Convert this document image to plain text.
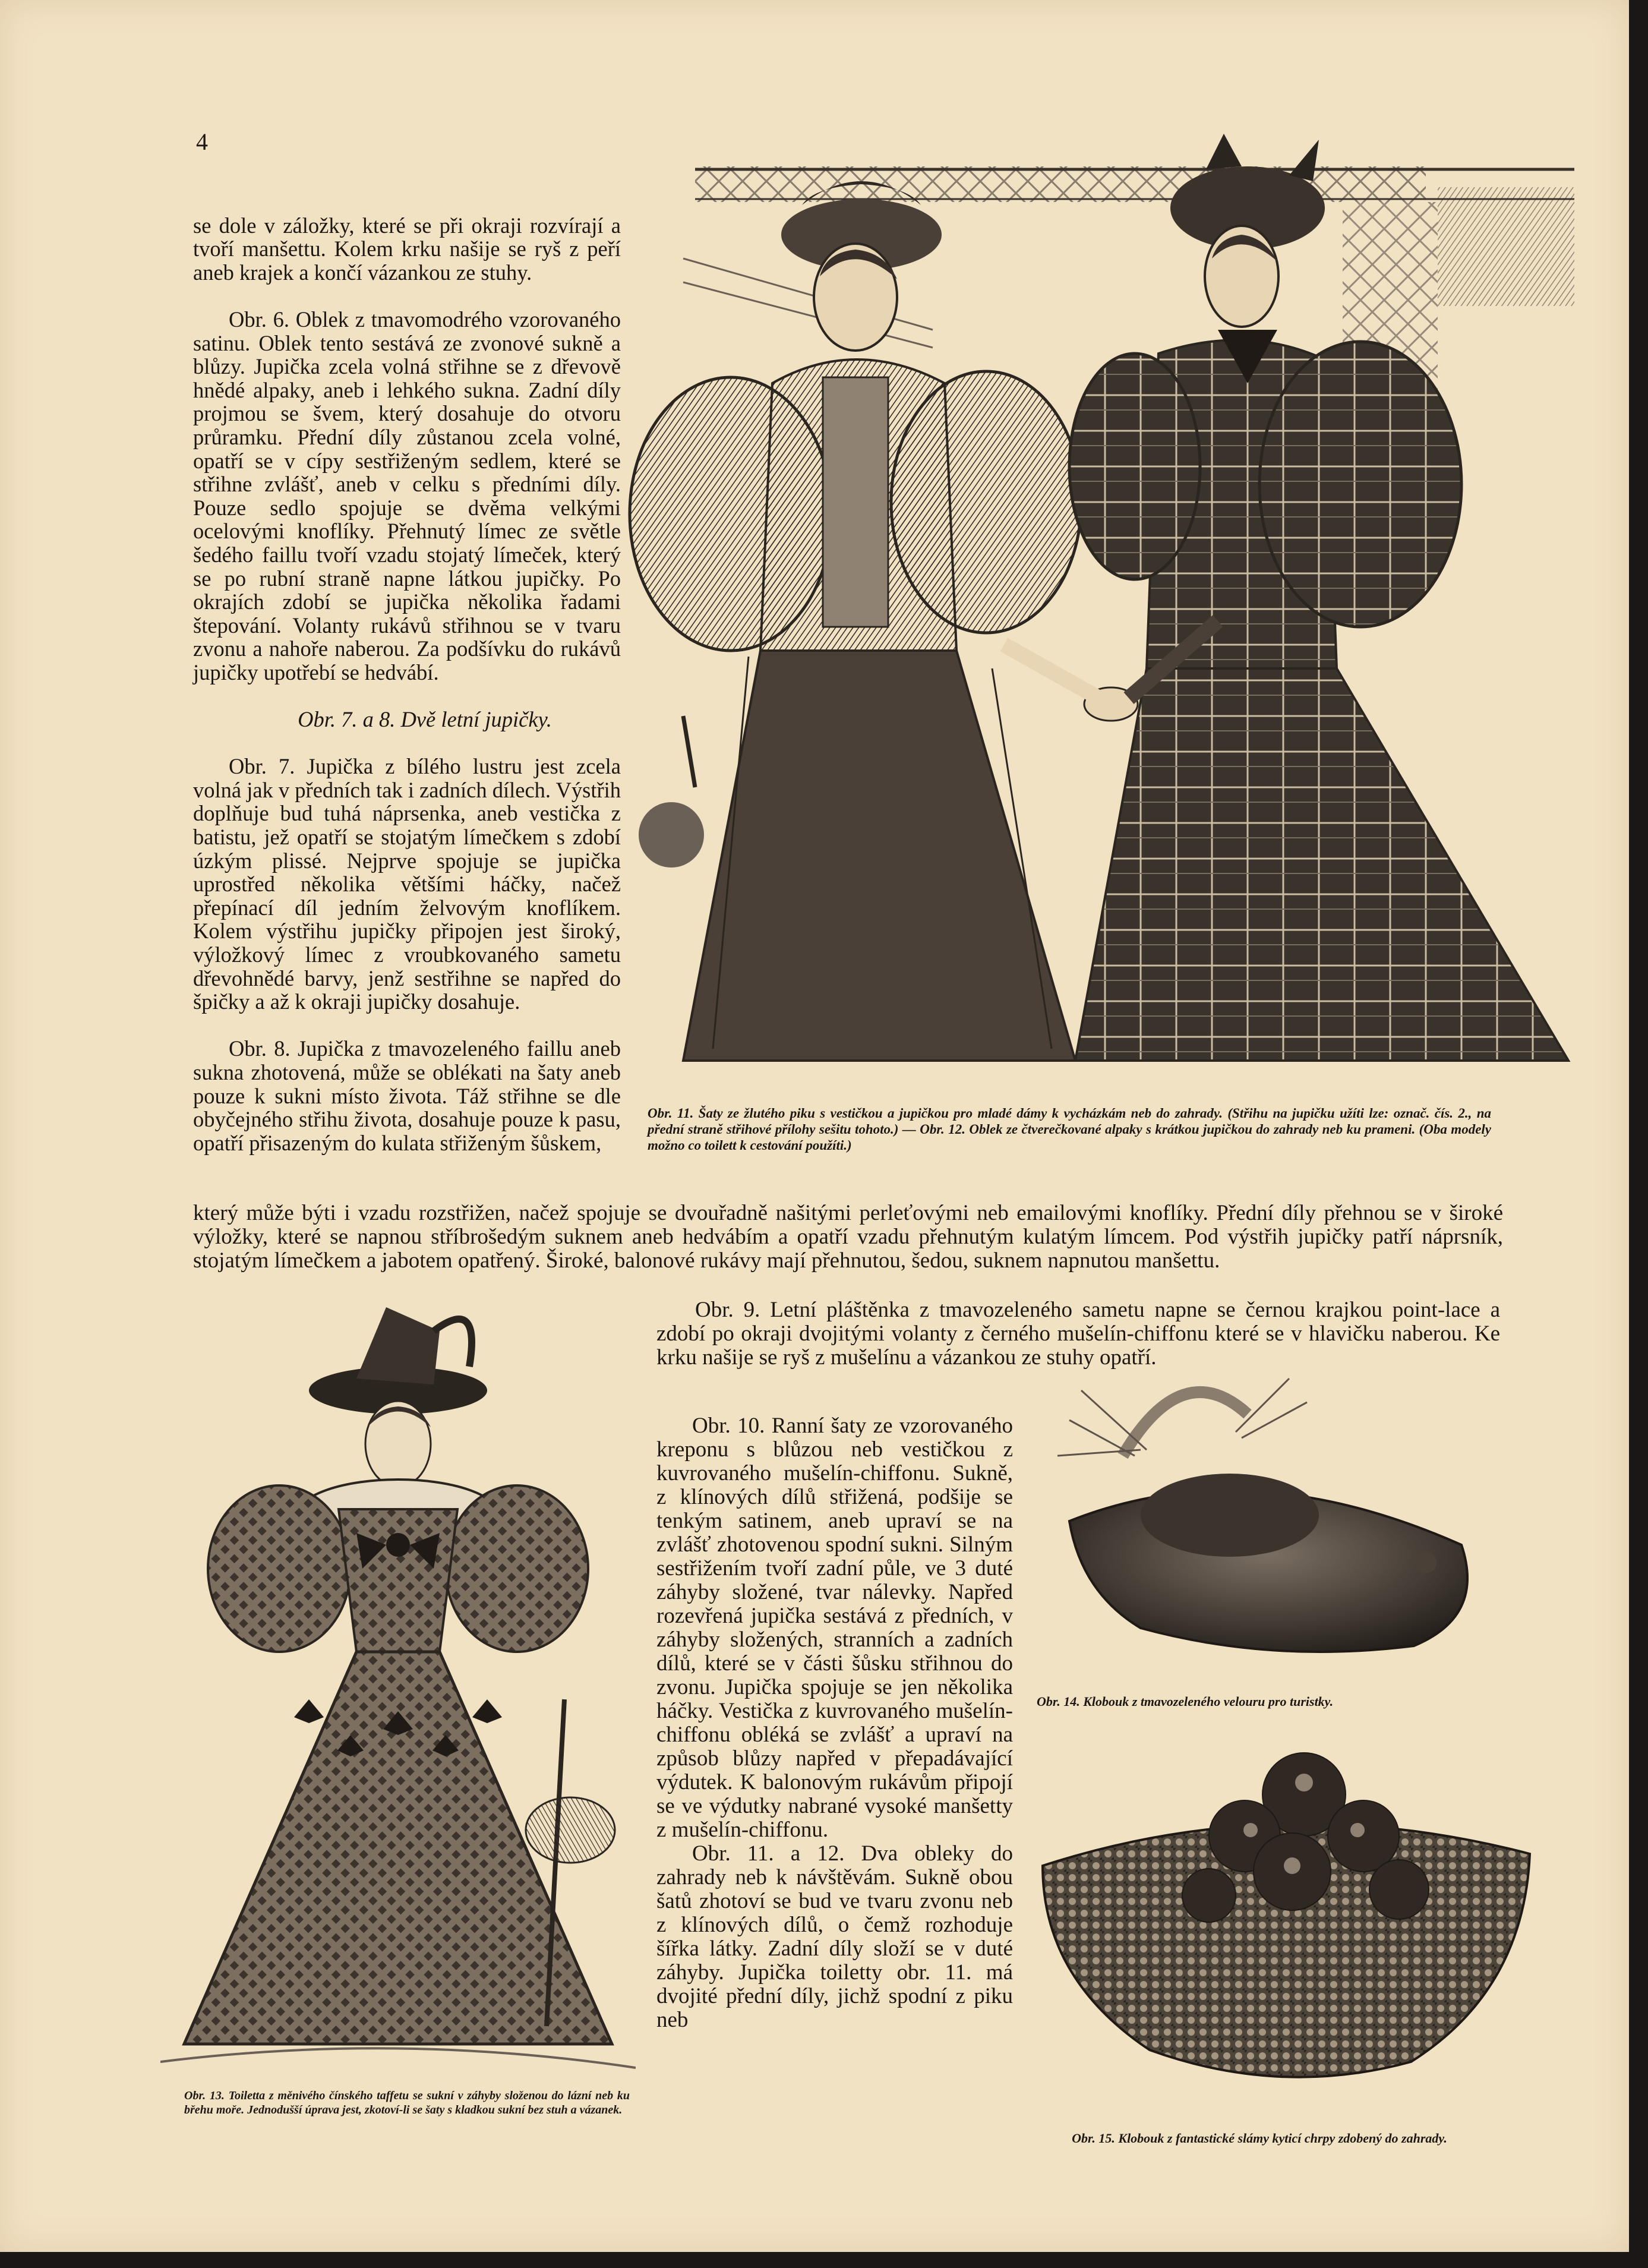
4

se dole v záložky, které se při okraji rozvírají a tvoří manšettu. Kolem krku našije se ryš z peří aneb krajek a končí vázankou ze stuhy.

Obr. 6. Oblek z tmavomodrého vzorovaného satinu. Oblek tento sestává ze zvonové sukně a blůzy. Jupička zcela volná střihne se z dřevově hnědé alpaky, aneb i lehkého sukna. Zadní díly projmou se švem, který dosahuje do otvoru průramku. Přední díly zůstanou zcela volné, opatří se v cípy sestřiženým sedlem, které se střihne zvlášť, aneb v celku s předními díly. Pouze sedlo spojuje se dvěma velkými ocelovými knoflíky. Přehnutý límec ze světle šedého faillu tvoří vzadu stojatý límeček, který se po rubní straně napne látkou jupičky. Po okrajích zdobí se jupička několika řadami štepování. Volanty rukávů střihnou se v tvaru zvonu a nahoře naberou. Za podšívku do rukávů jupičky upotřebí se hedvábí.

Obr. 7. a 8. Dvě letní jupičky.

Obr. 7. Jupička z bílého lustru jest zcela volná jak v předních tak i zadních dílech. Výstřih doplňuje bud tuhá náprsenka, aneb vestička z batistu, jež opatří se stojatým límečkem s zdobí úzkým plissé. Nejprve spojuje se jupička uprostřed několika většími háčky, načež přepínací díl jedním želvovým knoflíkem. Kolem výstřihu jupičky připojen jest široký, výložkový límec z vroubkovaného sametu dřevohnědé barvy, jenž sestřihne se napřed do špičky a až k okraji jupičky dosahuje.

Obr. 8. Jupička z tmavozeleného faillu aneb sukna zhotovená, může se oblékati na šaty aneb pouze k sukni místo života. Táž střihne se dle obyčejného střihu života, dosahuje pouze k pasu, opatří přisazeným do kulata střiženým šůskem,

Obr. 11. Šaty ze žlutého piku s vestičkou a jupičkou pro mladé dámy k vycházkám neb do zahrady. (Střihu na jupičku užíti lze: označ. čís. 2., na přední straně střihové přílohy sešitu tohoto.) — Obr. 12. Oblek ze čtverečkované alpaky s krátkou jupičkou do zahrady neb ku prameni. (Oba modely možno co toilett k cestování použíti.)
který může býti i vzadu rozstřižen, načež spojuje se dvouřadně našitými perleťovými neb emailovými knoflíky. Přední díly přehnou se v široké výložky, které se napnou stříbrošedým suknem aneb hedvábím a opatří vzadu přehnutým kulatým límcem. Pod výstřih jupičky patří náprsník, stojatým límečkem a jabotem opatřený. Široké, balonové rukávy mají přehnutou, šedou, suknem napnutou manšettu.
Obr. 13. Toiletta z měnivého čínského taffetu se sukní v záhyby složenou do lázní neb ku břehu moře. Jednodušší úprava jest, zkotoví-li se šaty s kladkou sukní bez stuh a vázanek.
Obr. 9. Letní pláštěnka z tmavozeleného sametu napne se černou krajkou point-lace a zdobí po okraji dvojitými volanty z černého mušelín-chiffonu které se v hlavičku naberou. Ke krku našije se ryš z mušelínu a vázankou ze stuhy opatří.

Obr. 10. Ranní šaty ze vzorovaného kreponu s blůzou neb vestičkou z kuvrovaného mušelín-chiffonu. Sukně, z klínových dílů střižená, podšije se tenkým satinem, aneb upraví se na zvlášť zhotovenou spodní sukni. Silným sestřižením tvoří zadní půle, ve 3 duté záhyby složené, tvar nálevky. Napřed rozevřená jupička sestává z předních, v záhyby složených, stranních a zadních dílů, které se v části šůsku střihnou do zvonu. Jupička spojuje se jen několika háčky. Vestička z kuvrovaného mušelín-chiffonu obléká se zvlášť a upraví na způsob blůzy napřed v přepadávající výdutek. K balonovým rukávům připojí se ve výdutky nabrané vysoké manšetty z mušelín-chiffonu.

Obr. 11. a 12. Dva obleky do zahrady neb k návštěvám. Sukně obou šatů zhotoví se bud ve tvaru zvonu neb z klínových dílů, o čemž rozhoduje šířka látky. Zadní díly složí se v duté záhyby. Jupička toiletty obr. 11. má dvojité přední díly, jichž spodní z piku neb

Obr. 14. Klobouk z tmavozeleného velouru pro turistky.
Obr. 15. Klobouk z fantastické slámy kyticí chrpy zdobený do zahrady.
